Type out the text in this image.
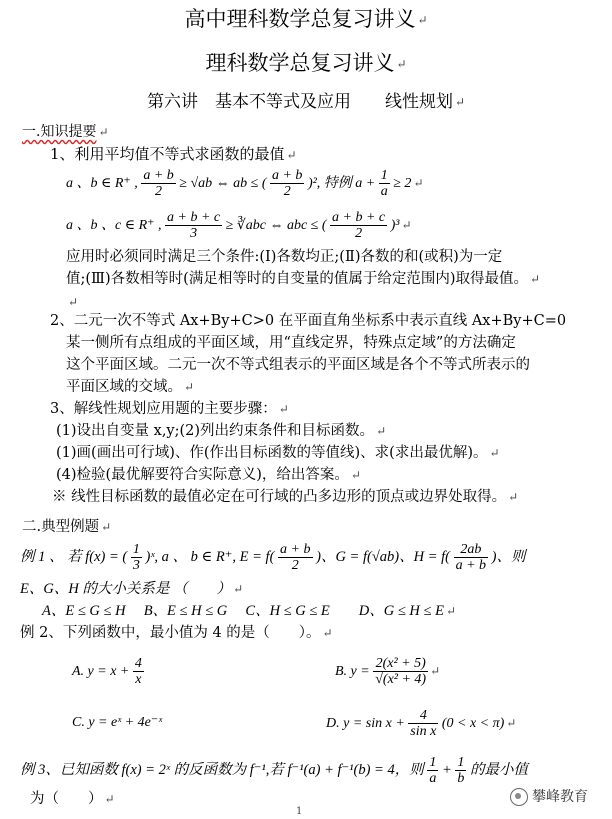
高中理科数学总复习讲义 ↵
理科数学总复习讲义 ↵
第六讲　基本不等式及应用　　线性规划 ↵
一.知识提要 ↵
1、利用平均值不等式求函数的最值 ↵
a 、b ∈ R⁺ , $\frac{a + b}{2} \ge √ab$ ⇔ ab ≤ ( $\frac{a + b}{2} )^2$, 特例 $a + \frac{1}{a} \ge 2$ ↵
a 、b 、c ∈ R⁺ , $\frac{a + b + c}{3}$ ≥ ∛abc ⇔ abc ≤ ( $\frac{a + b + c}{2} )^3$ ↵
应用时必须同时满足三个条件:(Ⅰ)各数均正;(Ⅱ)各数的和(或积)为一定
值;(Ⅲ)各数相等时(满足相等时的自变量的值属于给定范围内)取得最值。 ↵
↵
2、二元一次不等式 Ax+By+C>0 在平面直角坐标系中表示直线 Ax+By+C=0
某一侧所有点组成的平面区域，用“直线定界，特殊点定域”的方法确定
这个平面区域。二元一次不等式组表示的平面区域是各个不等式所表示的
平面区域的交域。 ↵
3、解线性规划应用题的主要步骤： ↵
(1)设出自变量 x,y;(2)列出约束条件和目标函数。 ↵
(1)画(画出可行域)、作(作出目标函数的等值线)、求(求出最优解)。 ↵
(4)检验(最优解要符合实际意义)，给出答案。 ↵
※ 线性目标函数的最值必定在可行域的凸多边形的顶点或边界处取得。 ↵
二.典型例题 ↵
例 1 、 若 f(x) = ( $\frac{1}{3}$ )ˣ, a 、 b ∈ R⁺, $E = f( \frac{a + b}{2}$ )、G = f(√ab)、$H = f( \frac{2ab}{a + b}$ )、则
E、G、H 的大小关系是 （　　） ↵
A、E ≤ G ≤ H　 B、E ≤ H ≤ G　 C、H ≤ G ≤ E　　D、G ≤ H ≤ E ↵
例 2、下列函数中，最小值为 4 的是（　　）。 ↵
A. $y = x + \frac{4}{x}$	B. $y = \frac{\text{2(x² + 5)}}{\text{√(x² + 4)}}$ ↵
C. y = eˣ + 4e⁻ˣ	D. $y = \sin x + \frac{4}{\text{sin x}} (0 < x < \pi)$ ↵
例 3、已知函数 f(x) = 2ˣ 的反函数为 f⁻¹,若 f⁻¹(a) + f⁻¹(b) = 4，则 $\frac{1}{a} + \frac{1}{b}$ 的最小值
为（　　） ↵
1
攀峰教育
